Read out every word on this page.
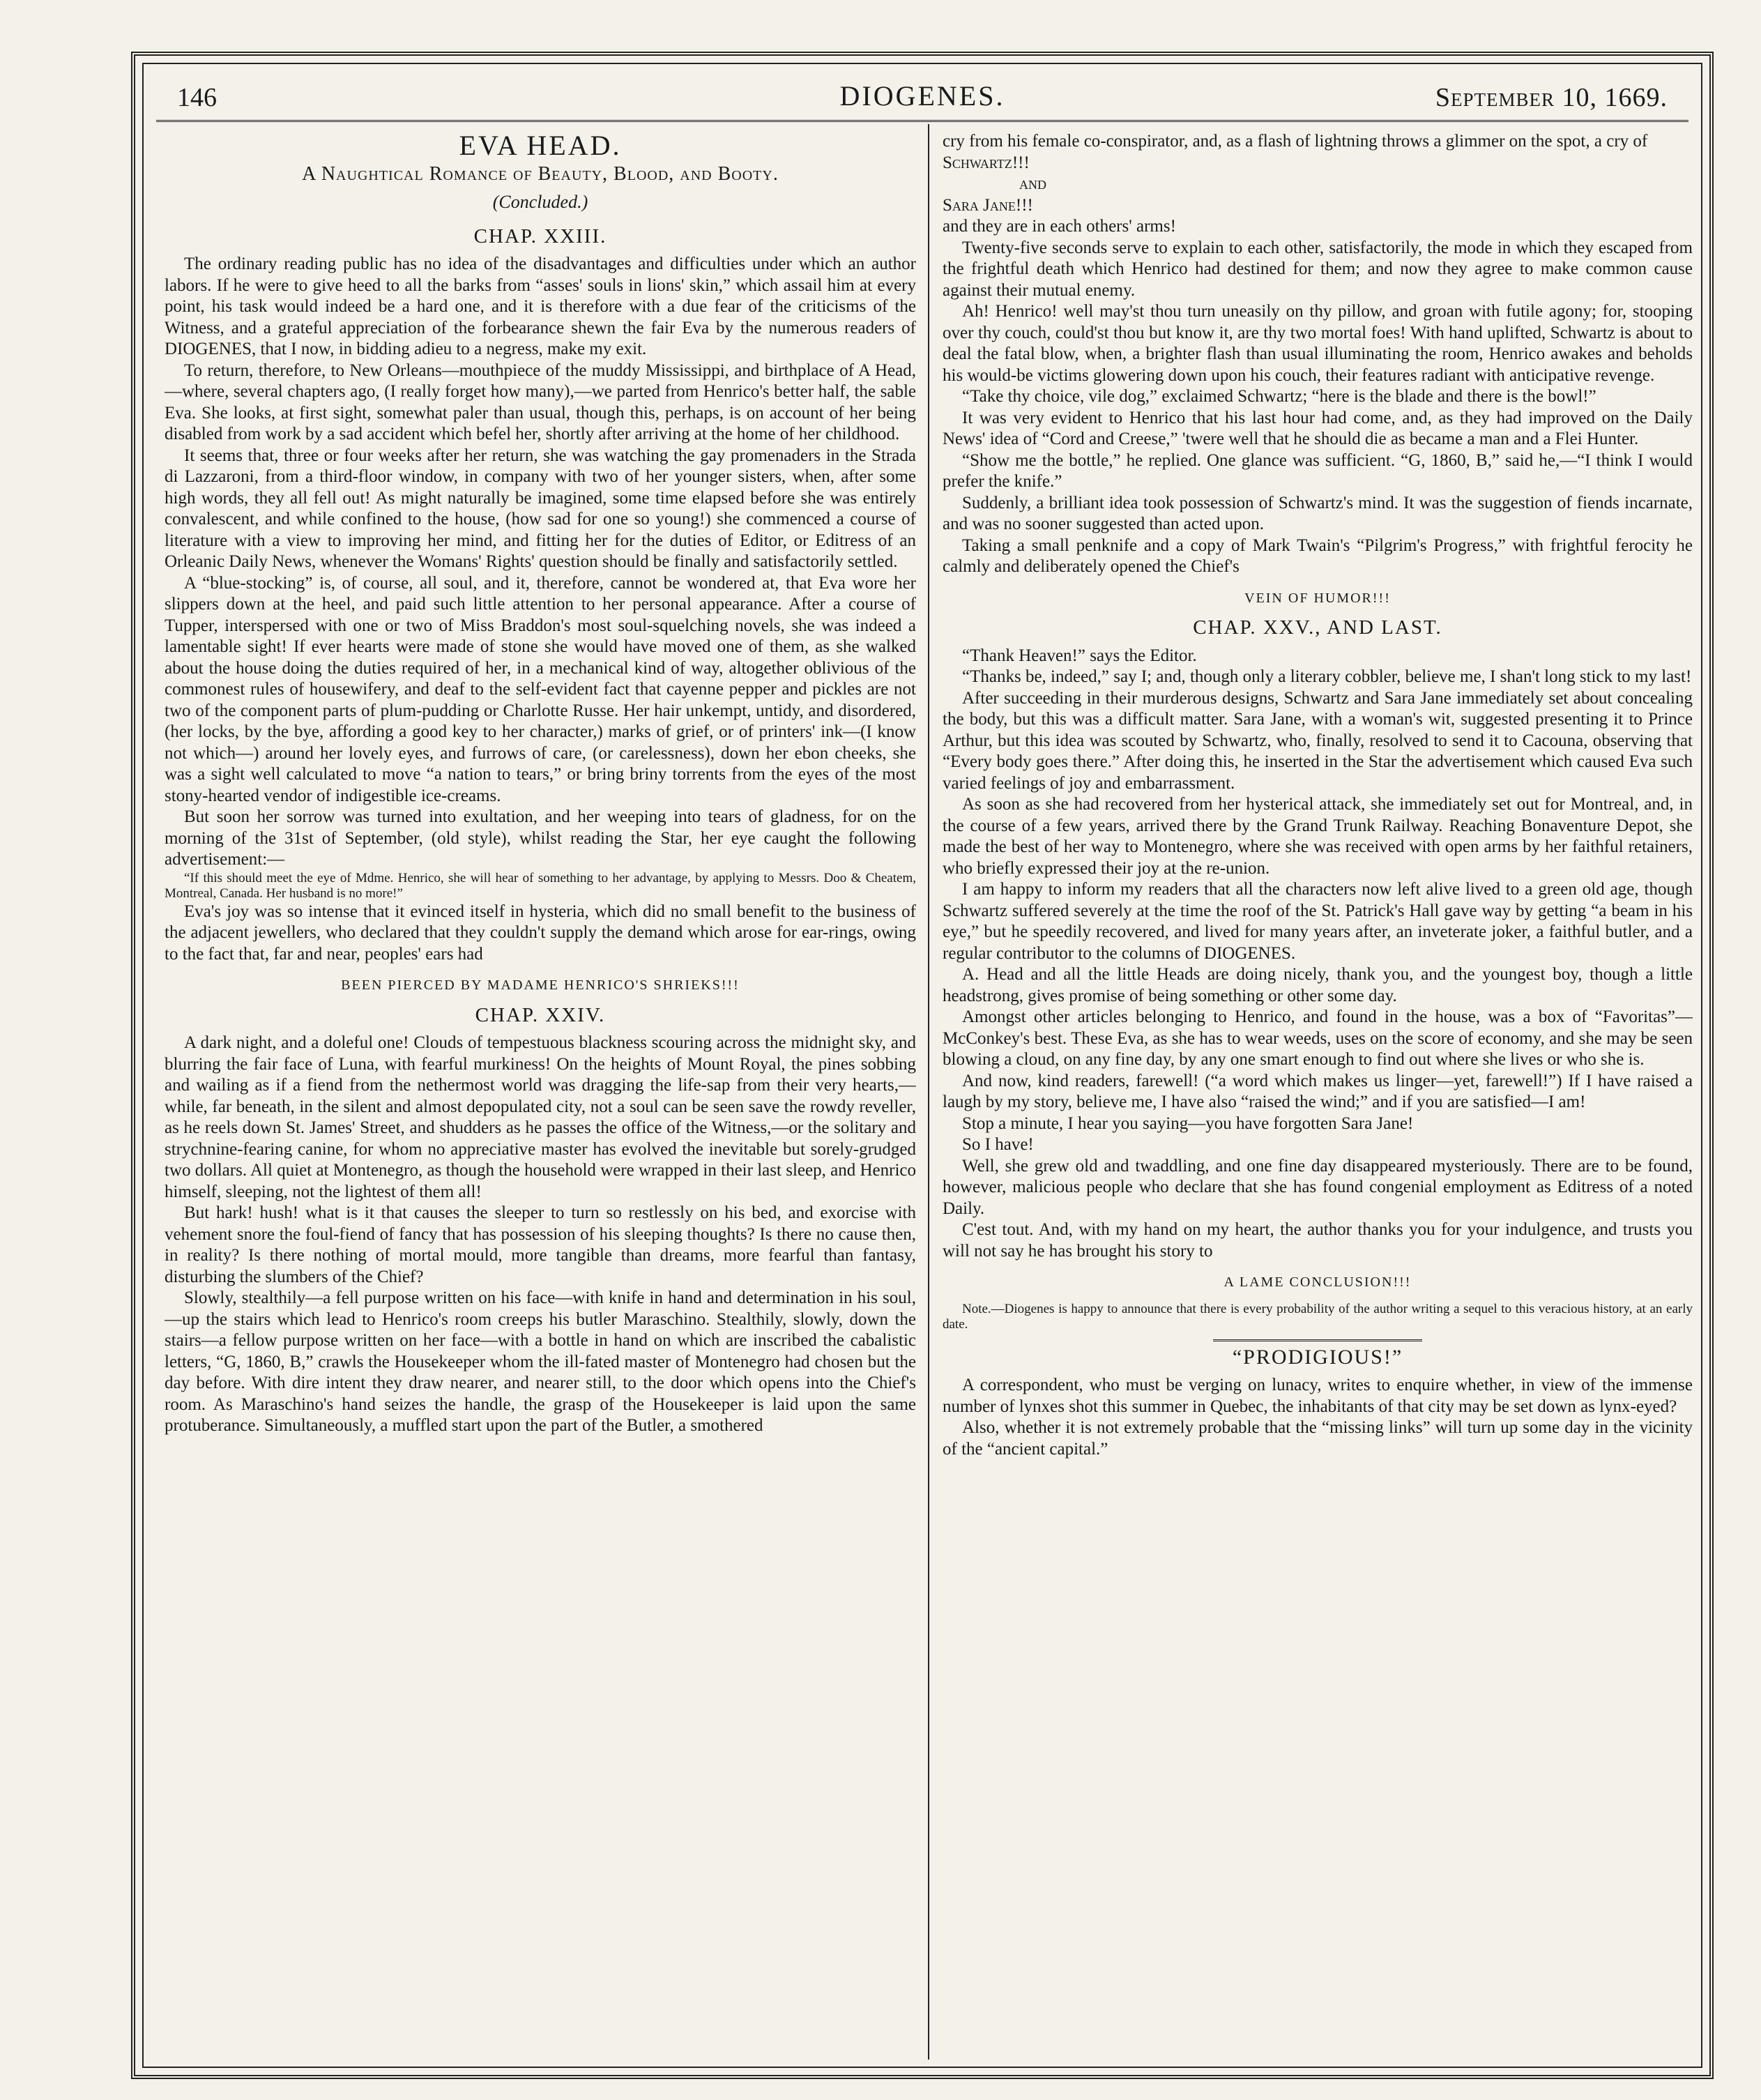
146	DIOGENES.	September 10, 1669.
EVA HEAD.
A Naughtical Romance of Beauty, Blood, and Booty.
(Concluded.)
CHAP. XXIII.

The ordinary reading public has no idea of the disadvantages and difficulties under which an author labors. If he were to give heed to all the barks from “asses' souls in lions' skin,” which assail him at every point, his task would indeed be a hard one, and it is therefore with a due fear of the criticisms of the Witness, and a grateful appreciation of the forbearance shewn the fair Eva by the numerous readers of DIOGENES, that I now, in bidding adieu to a negress, make my exit.

To return, therefore, to New Orleans—mouthpiece of the muddy Mississippi, and birthplace of A Head,—where, several chapters ago, (I really forget how many),—we parted from Henrico's better half, the sable Eva. She looks, at first sight, somewhat paler than usual, though this, perhaps, is on account of her being disabled from work by a sad accident which befel her, shortly after arriving at the home of her childhood.

It seems that, three or four weeks after her return, she was watching the gay promenaders in the Strada di Lazzaroni, from a third-floor window, in company with two of her younger sisters, when, after some high words, they all fell out! As might naturally be imagined, some time elapsed before she was entirely convalescent, and while confined to the house, (how sad for one so young!) she commenced a course of literature with a view to improving her mind, and fitting her for the duties of Editor, or Editress of an Orleanic Daily News, whenever the Womans' Rights' question should be finally and satisfactorily settled.

A “blue-stocking” is, of course, all soul, and it, therefore, cannot be wondered at, that Eva wore her slippers down at the heel, and paid such little attention to her personal appearance. After a course of Tupper, interspersed with one or two of Miss Braddon's most soul-squelching novels, she was indeed a lamentable sight! If ever hearts were made of stone she would have moved one of them, as she walked about the house doing the duties required of her, in a mechanical kind of way, altogether oblivious of the commonest rules of housewifery, and deaf to the self-evident fact that cayenne pepper and pickles are not two of the component parts of plum-pudding or Charlotte Russe. Her hair unkempt, untidy, and disordered, (her locks, by the bye, affording a good key to her character,) marks of grief, or of printers' ink—(I know not which—) around her lovely eyes, and furrows of care, (or carelessness), down her ebon cheeks, she was a sight well calculated to move “a nation to tears,” or bring briny torrents from the eyes of the most stony-hearted vendor of indigestible ice-creams.

But soon her sorrow was turned into exultation, and her weeping into tears of gladness, for on the morning of the 31st of September, (old style), whilst reading the Star, her eye caught the following advertisement:—

“If this should meet the eye of Mdme. Henrico, she will hear of something to her advantage, by applying to Messrs. Doo & Cheatem, Montreal, Canada. Her husband is no more!”

Eva's joy was so intense that it evinced itself in hysteria, which did no small benefit to the business of the adjacent jewellers, who declared that they couldn't supply the demand which arose for ear-rings, owing to the fact that, far and near, peoples' ears had

BEEN PIERCED BY MADAME HENRICO'S SHRIEKS!!!
CHAP. XXIV.

A dark night, and a doleful one! Clouds of tempestuous blackness scouring across the midnight sky, and blurring the fair face of Luna, with fearful murkiness! On the heights of Mount Royal, the pines sobbing and wailing as if a fiend from the nethermost world was dragging the life-sap from their very hearts,—while, far beneath, in the silent and almost depopulated city, not a soul can be seen save the rowdy reveller, as he reels down St. James' Street, and shudders as he passes the office of the Witness,—or the solitary and strychnine-fearing canine, for whom no appreciative master has evolved the inevitable but sorely-grudged two dollars. All quiet at Montenegro, as though the household were wrapped in their last sleep, and Henrico himself, sleeping, not the lightest of them all!

But hark! hush! what is it that causes the sleeper to turn so restlessly on his bed, and exorcise with vehement snore the foul-fiend of fancy that has possession of his sleeping thoughts? Is there no cause then, in reality? Is there nothing of mortal mould, more tangible than dreams, more fearful than fantasy, disturbing the slumbers of the Chief?

Slowly, stealthily—a fell purpose written on his face—with knife in hand and determination in his soul,—up the stairs which lead to Henrico's room creeps his butler Maraschino. Stealthily, slowly, down the stairs—a fellow purpose written on her face—with a bottle in hand on which are inscribed the cabalistic letters, “G, 1860, B,” crawls the Housekeeper whom the ill-fated master of Montenegro had chosen but the day before. With dire intent they draw nearer, and nearer still, to the door which opens into the Chief's room. As Maraschino's hand seizes the handle, the grasp of the Housekeeper is laid upon the same protuberance. Simultaneously, a muffled start upon the part of the Butler, a smothered

cry from his female co-conspirator, and, as a flash of lightning throws a glimmer on the spot, a cry of

Schwartz!!!

and

Sara Jane!!!

and they are in each others' arms!

Twenty-five seconds serve to explain to each other, satisfactorily, the mode in which they escaped from the frightful death which Henrico had destined for them; and now they agree to make common cause against their mutual enemy.

Ah! Henrico! well may'st thou turn uneasily on thy pillow, and groan with futile agony; for, stooping over thy couch, could'st thou but know it, are thy two mortal foes! With hand uplifted, Schwartz is about to deal the fatal blow, when, a brighter flash than usual illuminating the room, Henrico awakes and beholds his would-be victims glowering down upon his couch, their features radiant with anticipative revenge.

“Take thy choice, vile dog,” exclaimed Schwartz; “here is the blade and there is the bowl!”

It was very evident to Henrico that his last hour had come, and, as they had improved on the Daily News' idea of “Cord and Creese,” 'twere well that he should die as became a man and a Flei Hunter.

“Show me the bottle,” he replied. One glance was sufficient. “G, 1860, B,” said he,—“I think I would prefer the knife.”

Suddenly, a brilliant idea took possession of Schwartz's mind. It was the suggestion of fiends incarnate, and was no sooner suggested than acted upon.

Taking a small penknife and a copy of Mark Twain's “Pilgrim's Progress,” with frightful ferocity he calmly and deliberately opened the Chief's

VEIN OF HUMOR!!!
CHAP. XXV., AND LAST.

“Thank Heaven!” says the Editor.

“Thanks be, indeed,” say I; and, though only a literary cobbler, believe me, I shan't long stick to my last!

After succeeding in their murderous designs, Schwartz and Sara Jane immediately set about concealing the body, but this was a difficult matter. Sara Jane, with a woman's wit, suggested presenting it to Prince Arthur, but this idea was scouted by Schwartz, who, finally, resolved to send it to Cacouna, observing that “Every body goes there.” After doing this, he inserted in the Star the advertisement which caused Eva such varied feelings of joy and embarrassment.

As soon as she had recovered from her hysterical attack, she immediately set out for Montreal, and, in the course of a few years, arrived there by the Grand Trunk Railway. Reaching Bonaventure Depot, she made the best of her way to Montenegro, where she was received with open arms by her faithful retainers, who briefly expressed their joy at the re-union.

I am happy to inform my readers that all the characters now left alive lived to a green old age, though Schwartz suffered severely at the time the roof of the St. Patrick's Hall gave way by getting “a beam in his eye,” but he speedily recovered, and lived for many years after, an inveterate joker, a faithful butler, and a regular contributor to the columns of DIOGENES.

A. Head and all the little Heads are doing nicely, thank you, and the youngest boy, though a little headstrong, gives promise of being something or other some day.

Amongst other articles belonging to Henrico, and found in the house, was a box of “Favoritas”—McConkey's best. These Eva, as she has to wear weeds, uses on the score of economy, and she may be seen blowing a cloud, on any fine day, by any one smart enough to find out where she lives or who she is.

And now, kind readers, farewell! (“a word which makes us linger—yet, farewell!”) If I have raised a laugh by my story, believe me, I have also “raised the wind;” and if you are satisfied—I am!

Stop a minute, I hear you saying—you have forgotten Sara Jane!

So I have!

Well, she grew old and twaddling, and one fine day disappeared mysteriously. There are to be found, however, malicious people who declare that she has found congenial employment as Editress of a noted Daily.

C'est tout. And, with my hand on my heart, the author thanks you for your indulgence, and trusts you will not say he has brought his story to

A LAME CONCLUSION!!!

Note.—Diogenes is happy to announce that there is every probability of the author writing a sequel to this veracious history, at an early date.

“PRODIGIOUS!”

A correspondent, who must be verging on lunacy, writes to enquire whether, in view of the immense number of lynxes shot this summer in Quebec, the inhabitants of that city may be set down as lynx-eyed?

Also, whether it is not extremely probable that the “missing links” will turn up some day in the vicinity of the “ancient capital.”
